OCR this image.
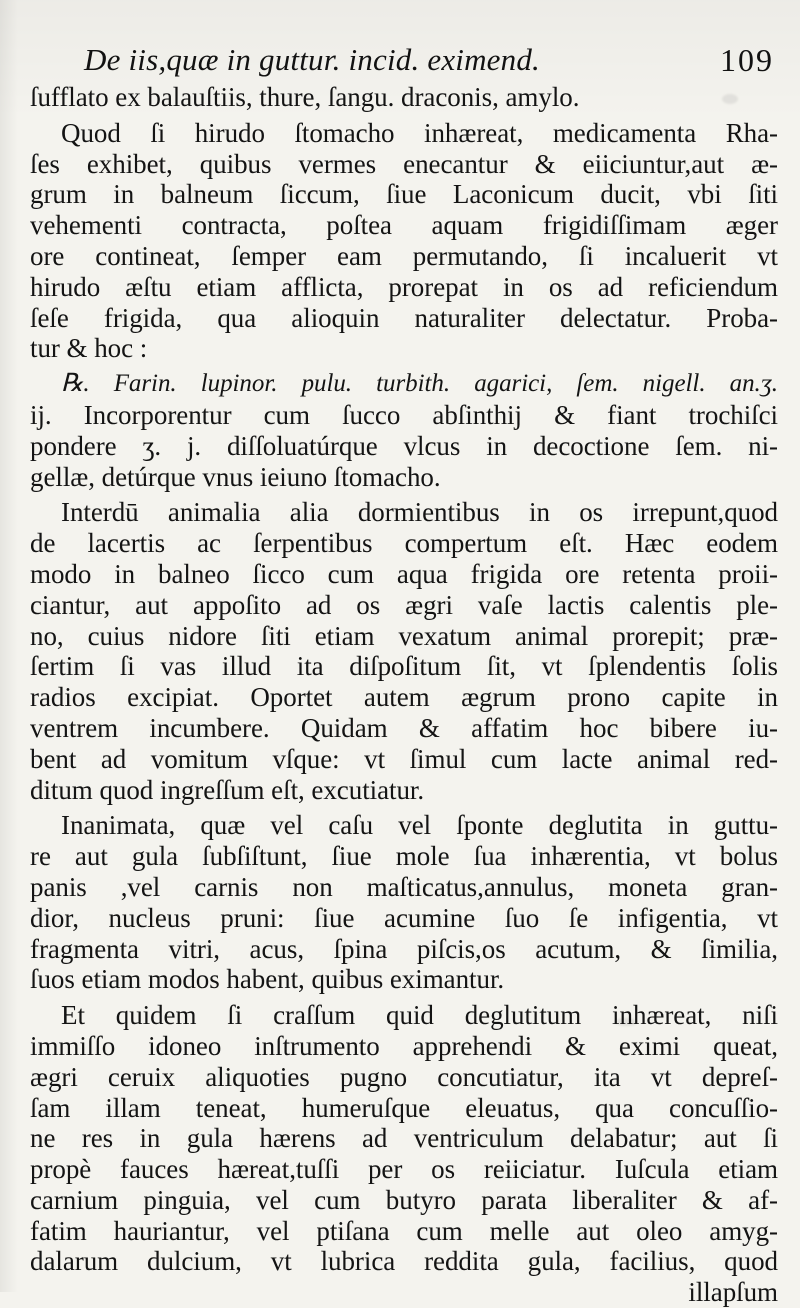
De iis,quæ in guttur. incid. eximend.	109
ſufflato ex balauſtiis, thure, ſangu. draconis, amylo.
Quod ſi hirudo ſtomacho inhæreat, medicamenta Rha-
ſes exhibet, quibus vermes enecantur & eiiciuntur,aut æ-
grum in balneum ſiccum, ſiue Laconicum ducit, vbi ſiti
vehementi contracta, poſtea aquam frigidiſſimam æger
ore contineat, ſemper eam permutando, ſi incaluerit vt
hirudo æſtu etiam afflicta, prorepat in os ad reficiendum
ſeſe frigida, qua alioquin naturaliter delectatur. Proba-
tur & hoc :
℞. Farin. lupinor. pulu. turbith. agarici, ſem. nigell. an.ʒ.
ij. Incorporentur cum ſucco abſinthij & fiant trochiſci
pondere ʒ. j. diſſoluatúrque vlcus in decoctione ſem. ni-
gellæ, detúrque vnus ieiuno ſtomacho.
Interdū animalia alia dormientibus in os irrepunt,quod
de lacertis ac ſerpentibus compertum eſt. Hæc eodem
modo in balneo ſicco cum aqua frigida ore retenta proii-
ciantur, aut appoſito ad os ægri vaſe lactis calentis ple-
no, cuius nidore ſiti etiam vexatum animal prorepit; præ-
ſertim ſi vas illud ita diſpoſitum ſit, vt ſplendentis ſolis
radios excipiat. Oportet autem ægrum prono capite in
ventrem incumbere. Quidam & affatim hoc bibere iu-
bent ad vomitum vſque: vt ſimul cum lacte animal red-
ditum quod ingreſſum eſt, excutiatur.
Inanimata, quæ vel caſu vel ſponte deglutita in guttu-
re aut gula ſubſiſtunt, ſiue mole ſua inhærentia, vt bolus
panis ,vel carnis non maſticatus,annulus, moneta gran-
dior, nucleus pruni: ſiue acumine ſuo ſe infigentia, vt
fragmenta vitri, acus, ſpina piſcis,os acutum, & ſimilia,
ſuos etiam modos habent, quibus eximantur.
Et quidem ſi craſſum quid deglutitum inhæreat, niſi
immiſſo idoneo inſtrumento apprehendi & eximi queat,
ægri ceruix aliquoties pugno concutiatur, ita vt depreſ-
ſam illam teneat, humeruſque eleuatus, qua concuſſio-
ne res in gula hærens ad ventriculum delabatur; aut ſi
propè fauces hæreat,tuſſi per os reiiciatur. Iuſcula etiam
carnium pinguia, vel cum butyro parata liberaliter & af-
fatim hauriantur, vel ptiſana cum melle aut oleo amyg-
dalarum dulcium, vt lubrica reddita gula, facilius, quod
illapſum
